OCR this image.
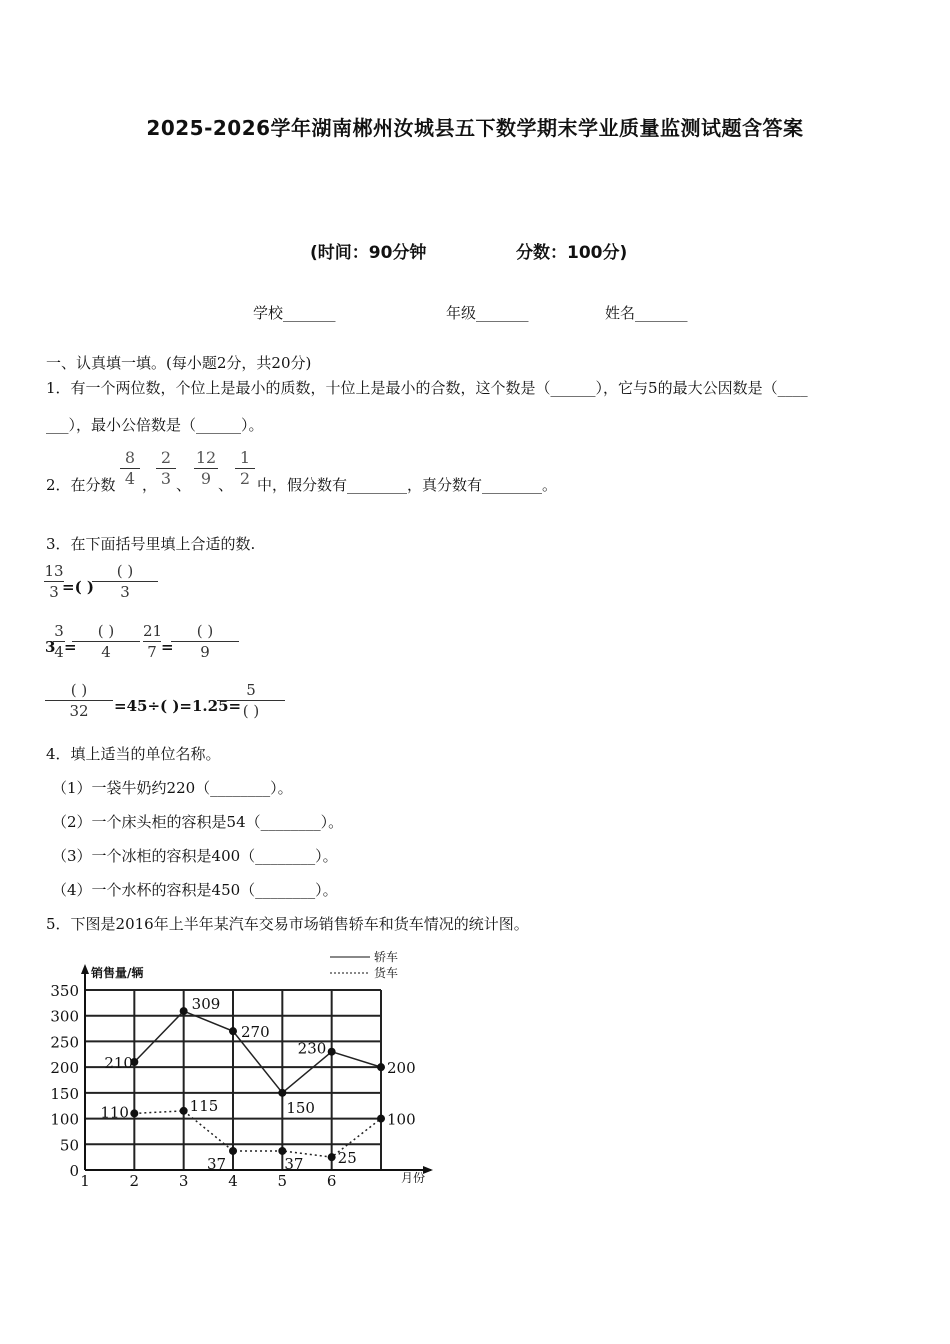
2025-2026学年湖南郴州汝城县五下数学期末学业质量监测试题含答案
(时间：90分钟	分数：100分)
学校_______	年级_______	姓名_______
一、认真填一填。(每小题2分，共20分)
1．有一个两位数，个位上是最小的质数，十位上是最小的合数，这个数是（______），它与5的最大公因数是（____
___），最小公倍数是（______）。
2．在分数
8
4 ，
2
3 、
12
9 、
1
2 中，假分数有________，真分数有________。
3．在下面括号里填上合适的数.
13
3 =( )
( )
3
3
3
4 =
( )
4
21
7 =
( )
9
( )
32	=45÷( )=1.25=
5
( )
4．填上适当的单位名称。
（1）一袋牛奶约220（________）。
（2）一个床头柜的容积是54（________）。
（3）一个冰柜的容积是400（________）。
（4）一个水杯的容积是450（________）。
5．下图是2016年上半年某汽车交易市场销售轿车和货车情况的统计图。
0
50
100
150
200
250
300
350
销售量/辆
月份
1	2	3	4	5	6
轿车
货车
210
309
270
150
230
200
110	115
37	37 25
100
